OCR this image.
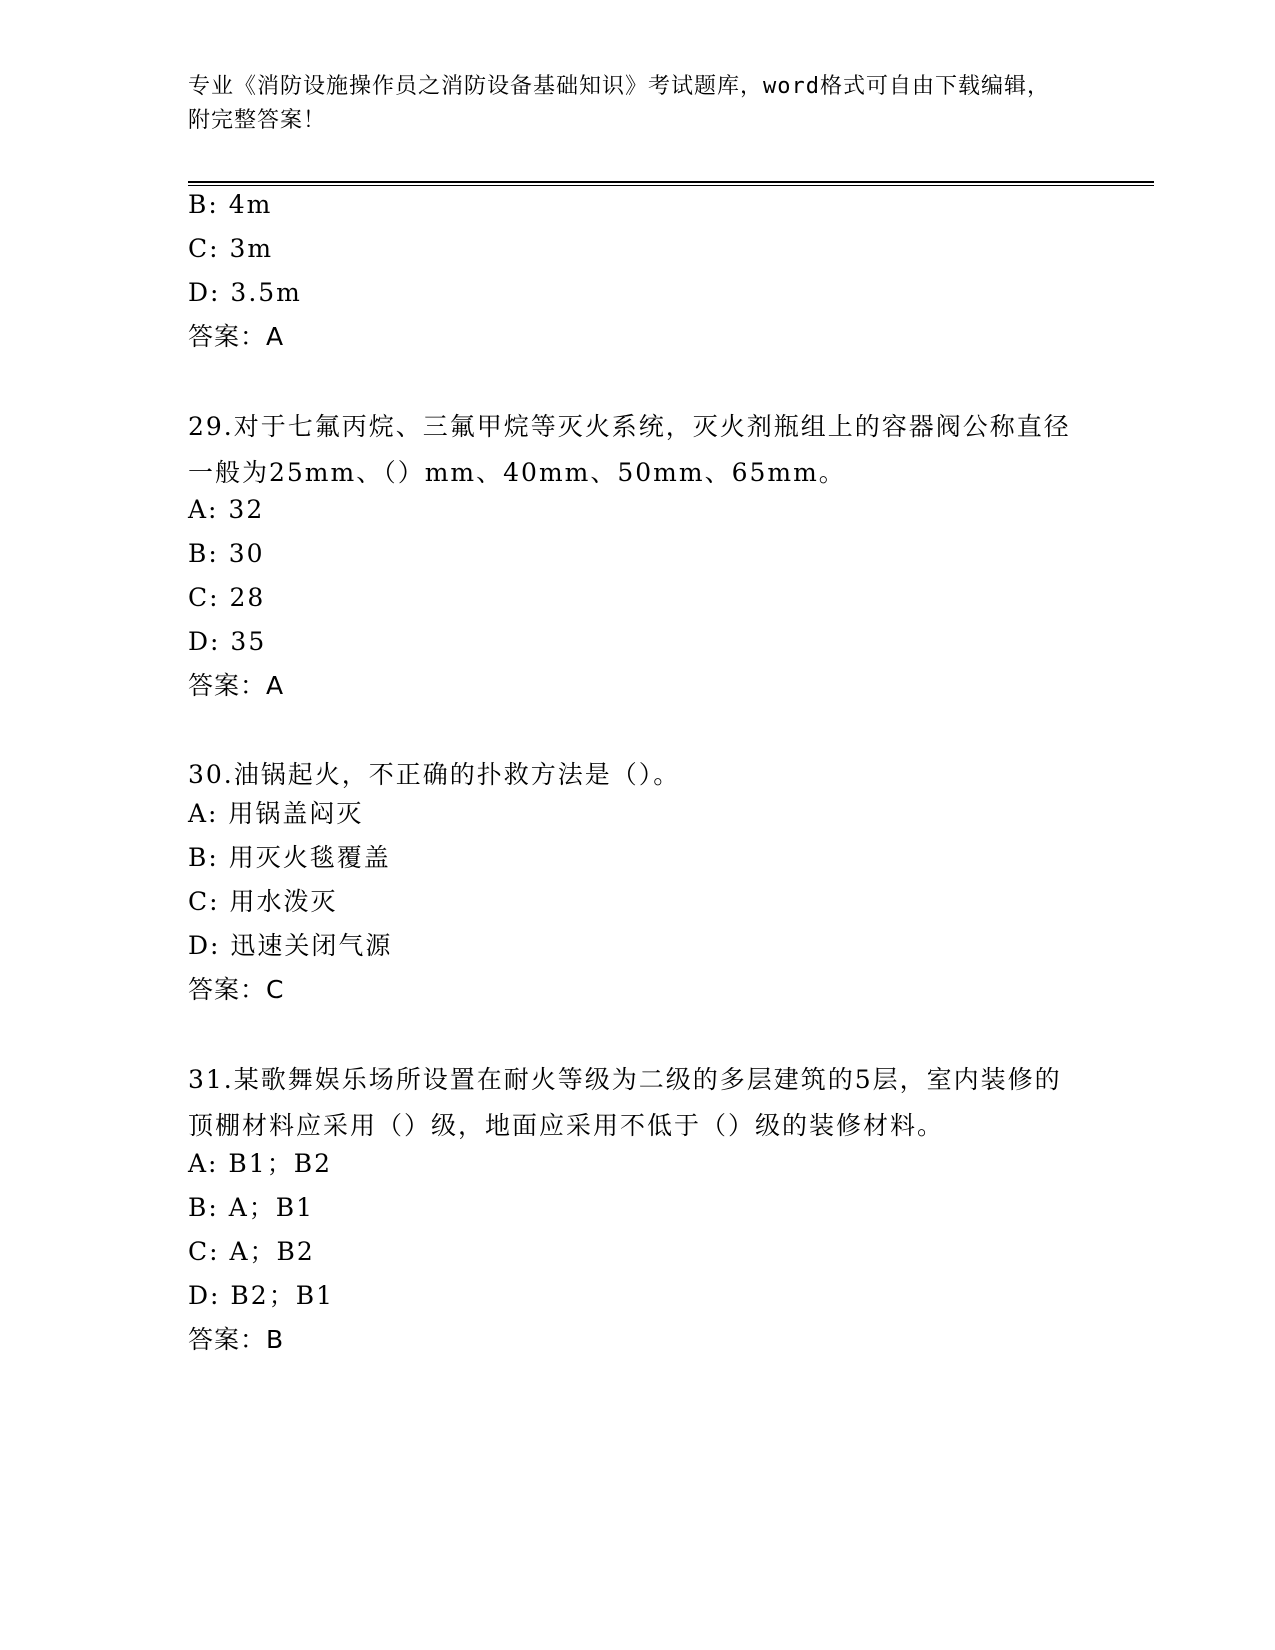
专业《消防设施操作员之消防设备基础知识》考试题库，word格式可自由下载编辑，附完整答案！
B: 4m
C: 3m
D: 3.5m
答案：A
29.对于七氟丙烷、三氟甲烷等灭火系统，灭火剂瓶组上的容器阀公称直径一般为25mm、（）mm、40mm、50mm、65mm。
A: 32
B: 30
C: 28
D: 35
答案：A
30.油锅起火，不正确的扑救方法是（）。
A: 用锅盖闷灭
B: 用灭火毯覆盖
C: 用水泼灭
D: 迅速关闭气源
答案：C
31.某歌舞娱乐场所设置在耐火等级为二级的多层建筑的5层，室内装修的顶棚材料应采用（）级，地面应采用不低于（）级的装修材料。
A: B1；B2
B: A；B1
C: A；B2
D: B2；B1
答案：B
